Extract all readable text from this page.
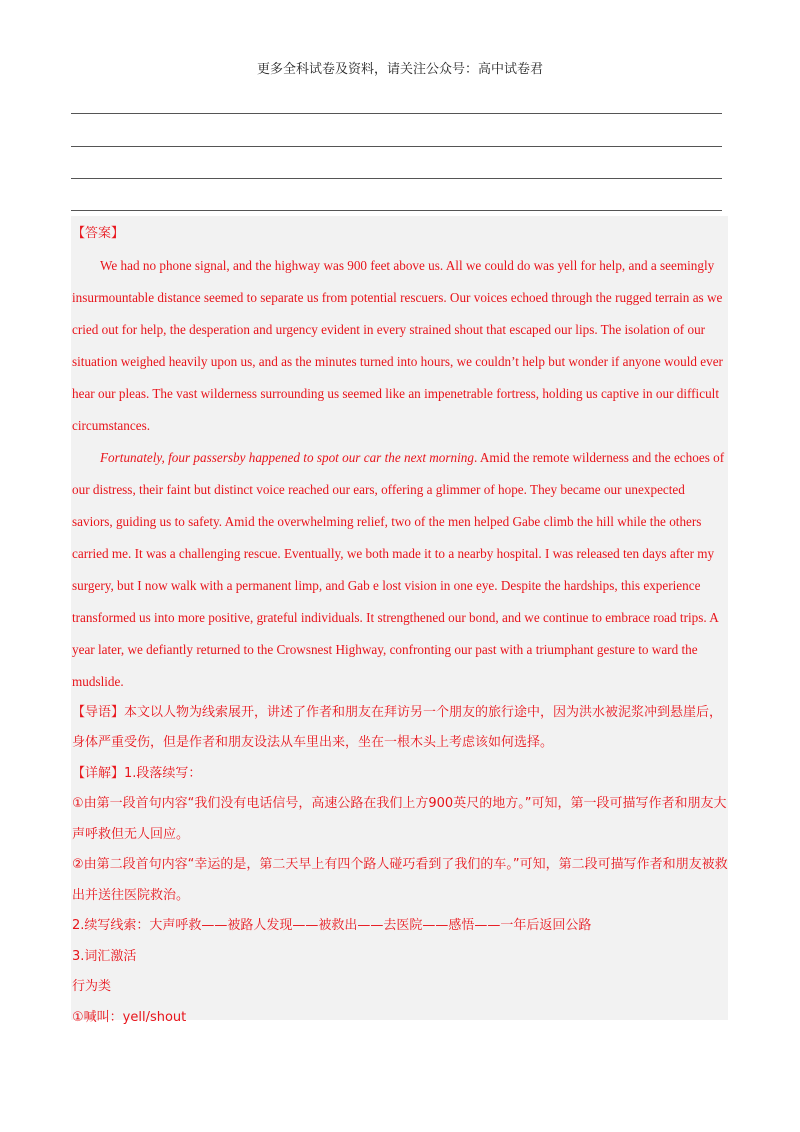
更多全科试卷及资料，请关注公众号：高中试卷君

【答案】

We had no phone signal, and the highway was 900 feet above us. All we could do was yell for help, and a seemingly insurmountable distance seemed to separate us from potential rescuers. Our voices echoed through the rugged terrain as we cried out for help, the desperation and urgency evident in every strained shout that escaped our lips. The isolation of our situation weighed heavily upon us, and as the minutes turned into hours, we couldn’t help but wonder if anyone would ever hear our pleas. The vast wilderness surrounding us seemed like an impenetrable fortress, holding us captive in our difficult circumstances.

Fortunately, four passersby happened to spot our car the next morning. Amid the remote wilderness and the echoes of our distress, their faint but distinct voice reached our ears, offering a glimmer of hope. They became our unexpected saviors, guiding us to safety. Amid the overwhelming relief, two of the men helped Gabe climb the hill while the others carried me. It was a challenging rescue. Eventually, we both made it to a nearby hospital. I was released ten days after my surgery, but I now walk with a permanent limp, and Gab e lost vision in one eye. Despite the hardships, this experience transformed us into more positive, grateful individuals. It strengthened our bond, and we continue to embrace road trips. A year later, we defiantly returned to the Crowsnest Highway, confronting our past with a triumphant gesture to ward the mudslide.

【导语】本文以人物为线索展开，讲述了作者和朋友在拜访另一个朋友的旅行途中，因为洪水被泥浆冲到悬崖后，身体严重受伤，但是作者和朋友设法从车里出来，坐在一根木头上考虑该如何选择。

【详解】1.段落续写：

①由第一段首句内容“我们没有电话信号，高速公路在我们上方900英尺的地方。”可知，第一段可描写作者和朋友大声呼救但无人回应。

②由第二段首句内容“幸运的是，第二天早上有四个路人碰巧看到了我们的车。”可知，第二段可描写作者和朋友被救出并送往医院救治。

2.续写线索：大声呼救——被路人发现——被救出——去医院——感悟——一年后返回公路

3.词汇激活

行为类

①喊叫：yell/shout
